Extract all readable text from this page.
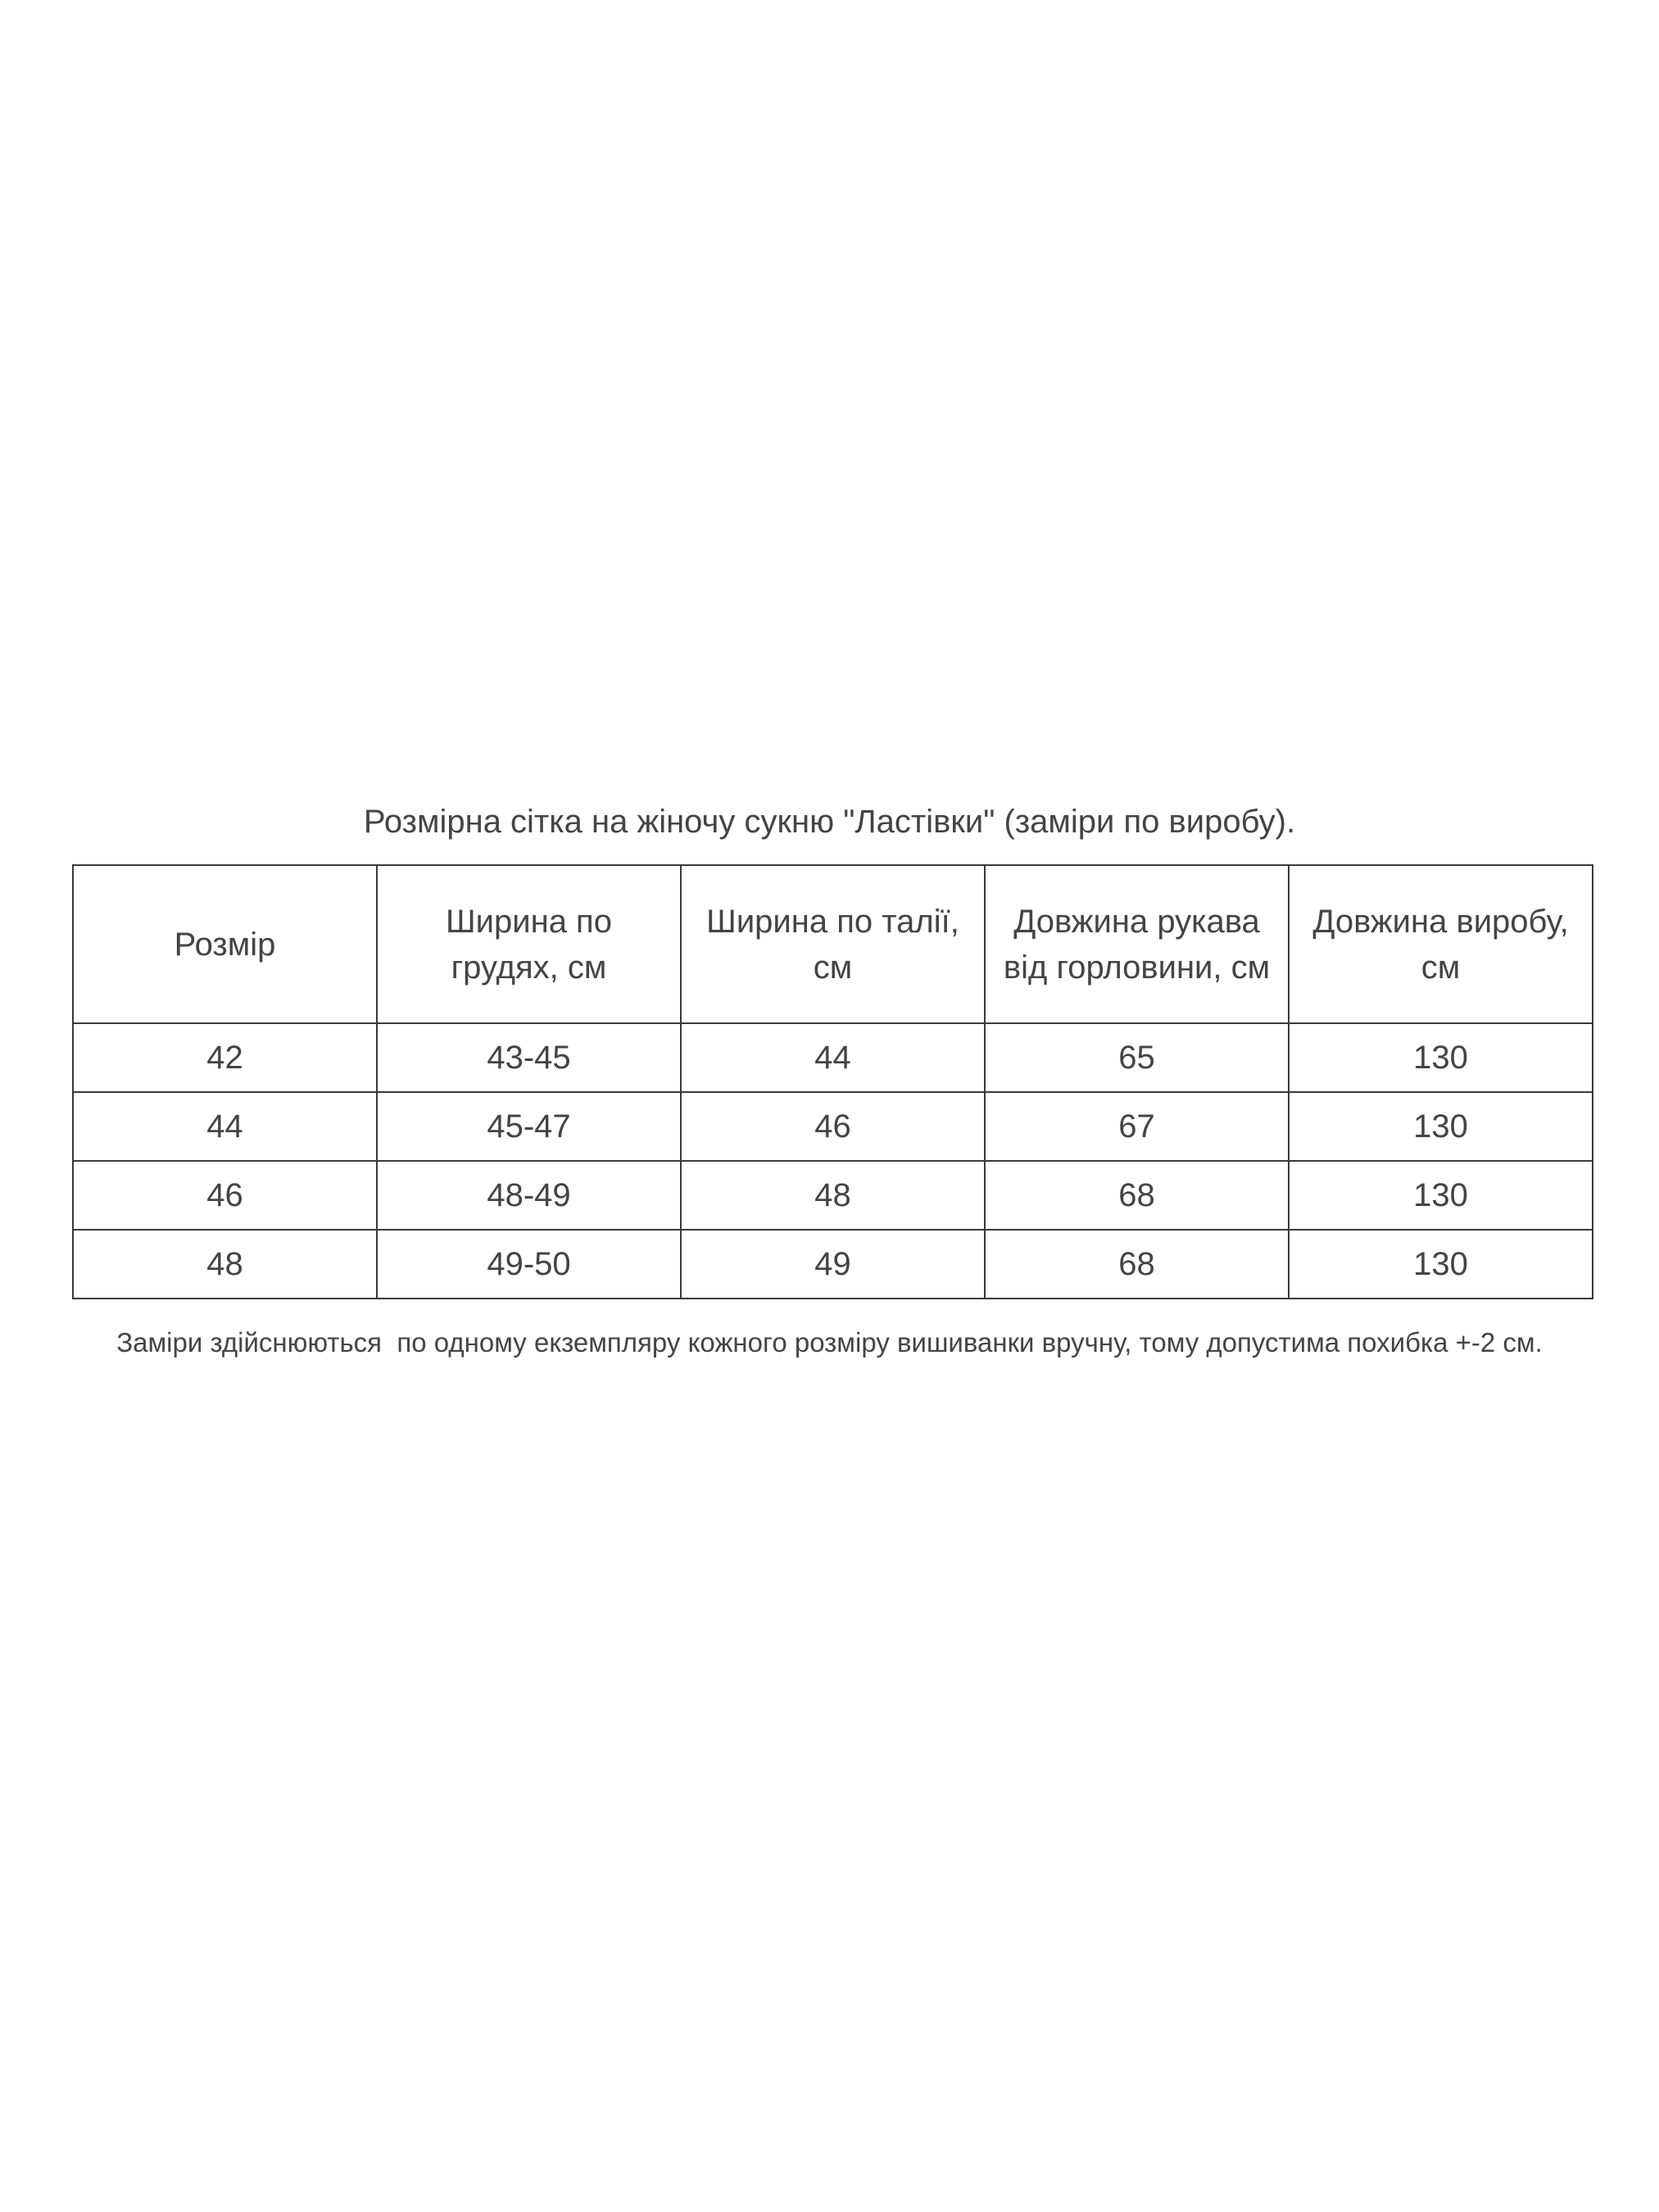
Розмірна сітка на жіночу сукню "Ластівки" (заміри по виробу).
Розмір	Ширина по грудях, см	Ширина по талії, см	Довжина рукава від горловини, см	Довжина виробу, см
42	43-45	44	65	130
44	45-47	46	67	130
46	48-49	48	68	130
48	49-50	49	68	130
Заміри здійснюються  по одному екземпляру кожного розміру вишиванки вручну, тому допустима похибка +-2 см.
